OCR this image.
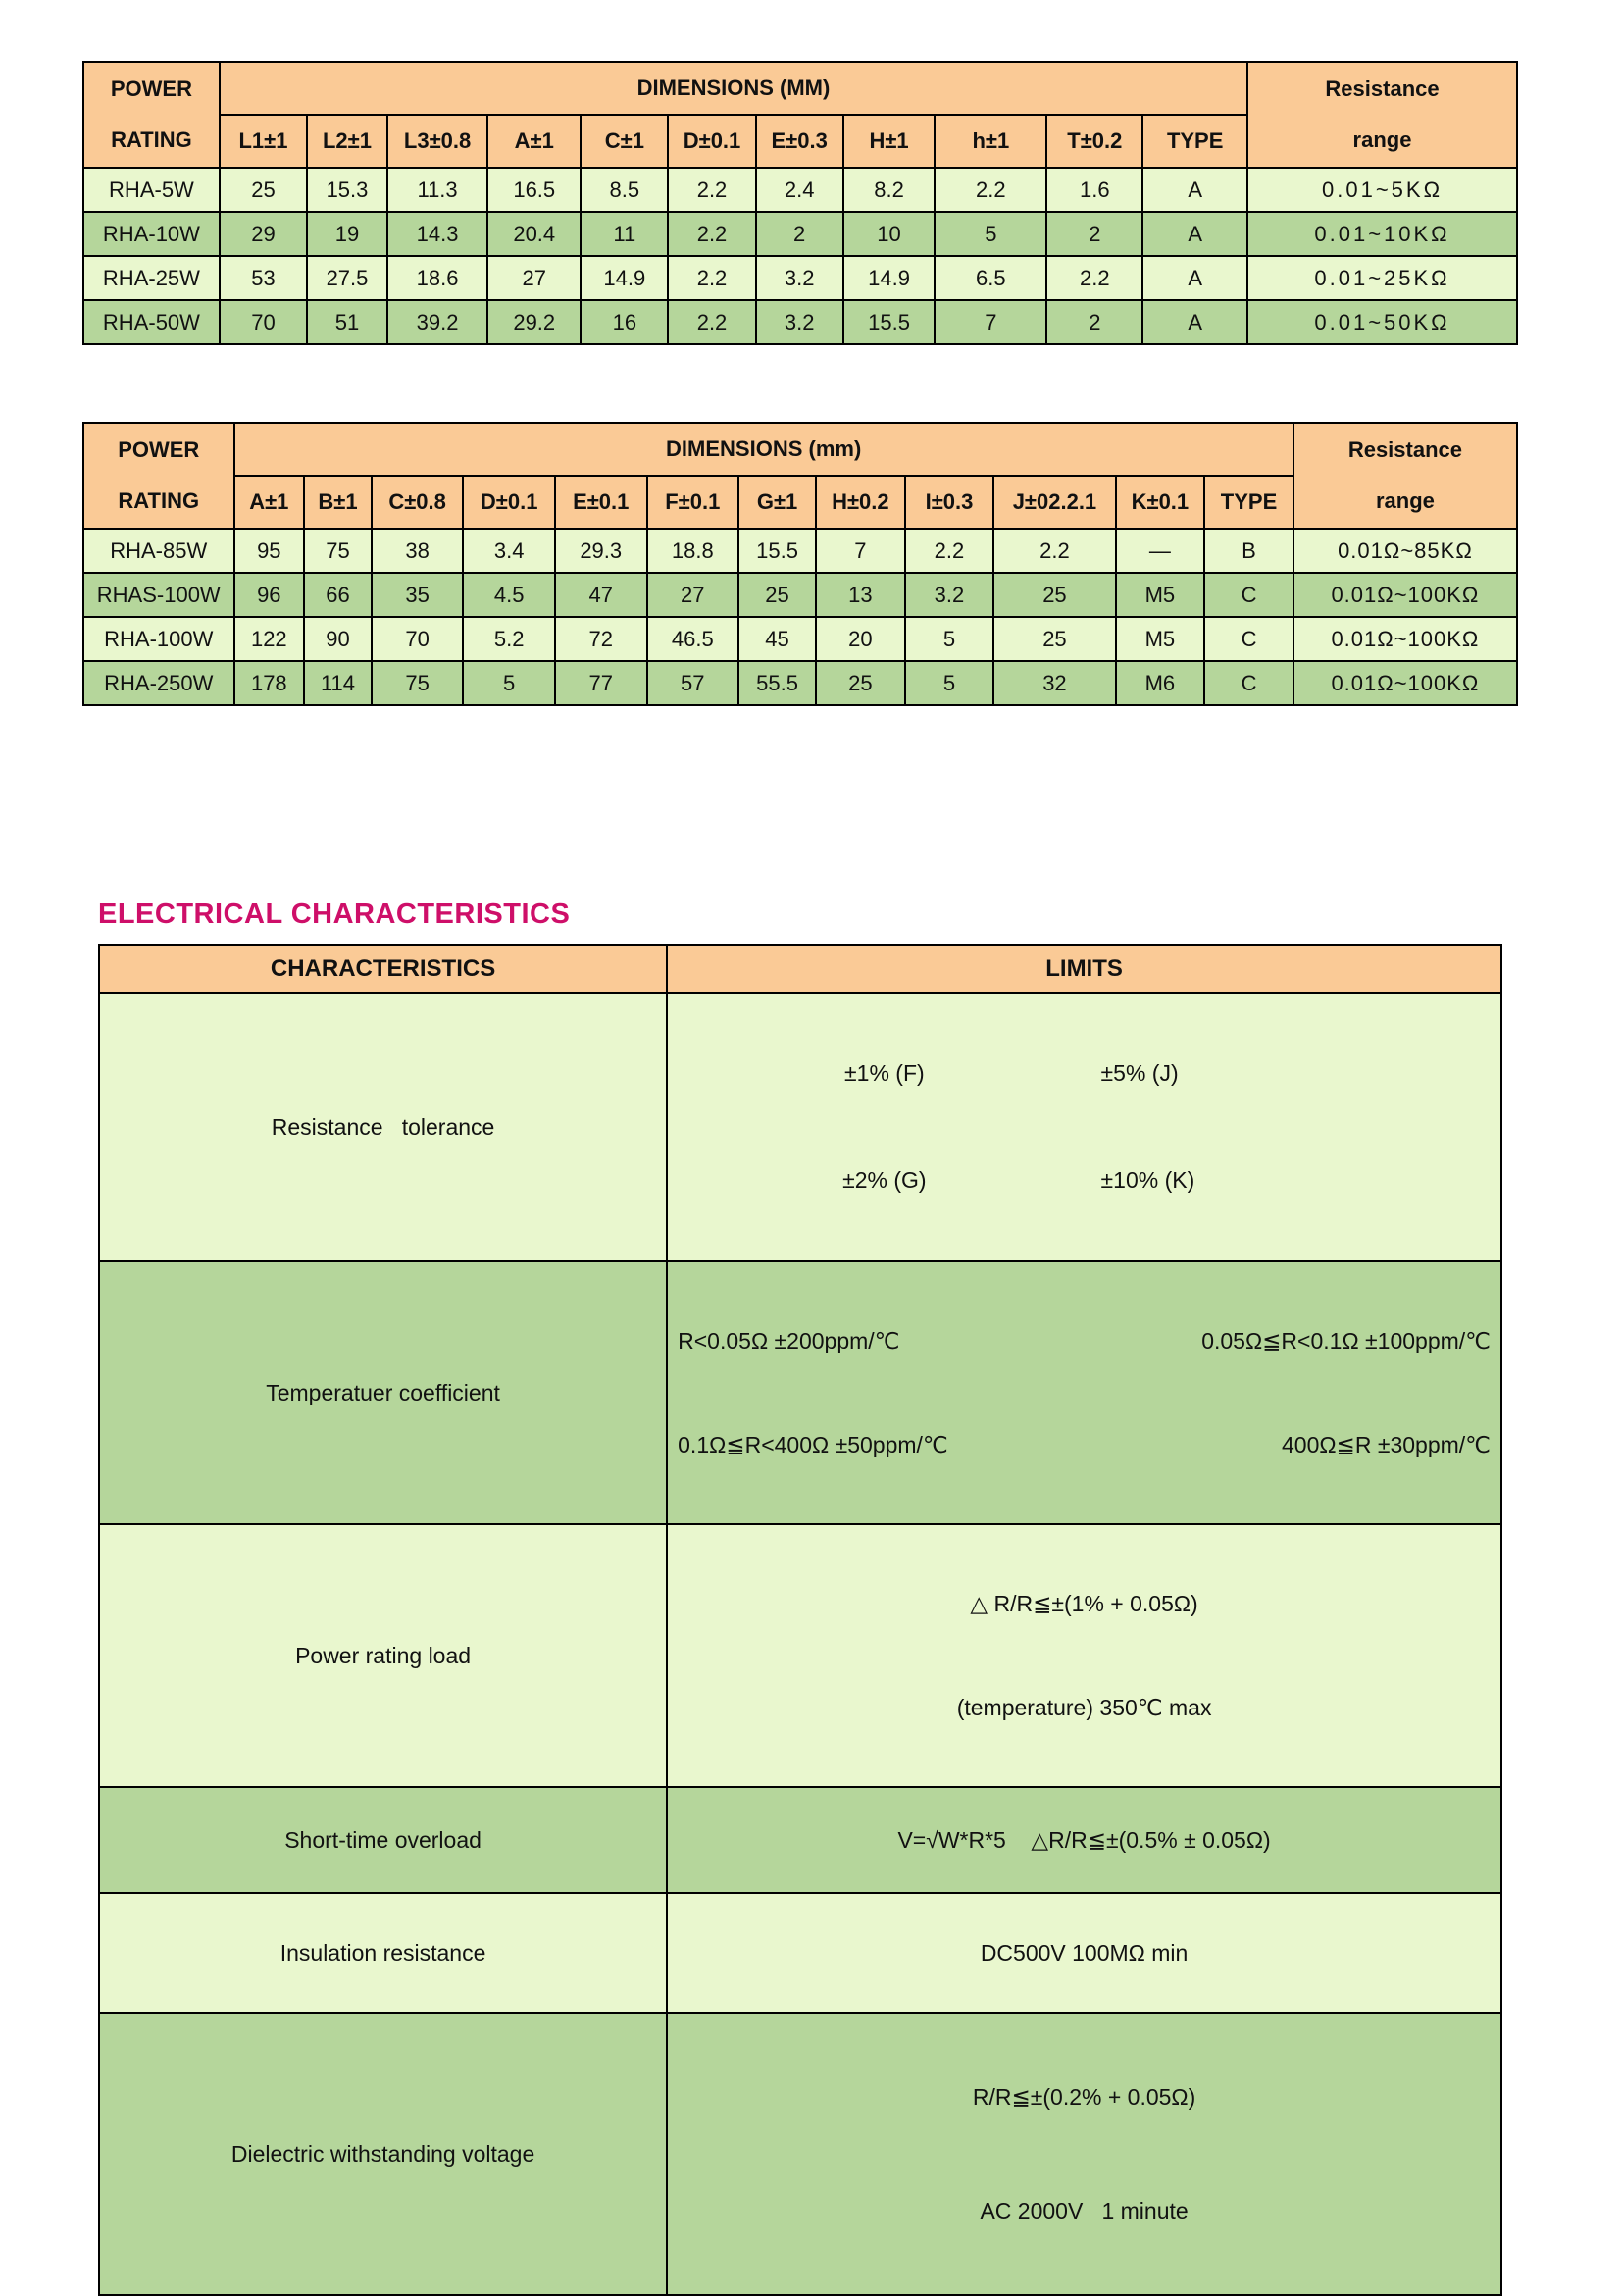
POWER
RATING
	DIMENSIONS (MM)	Resistance
range

	L1±1	L2±1	L3±0.8	A±1	C±1	D±0.1	E±0.3	H±1	h±1	T±0.2	TYPE	
RHA-5W	25	15.3	11.3	16.5	8.5	2.2	2.4	8.2	2.2	1.6	A	0.01~5KΩ
RHA-10W	29	19	14.3	20.4	11	2.2	2	10	5	2	A	0.01~10KΩ
RHA-25W	53	27.5	18.6	27	14.9	2.2	3.2	14.9	6.5	2.2	A	0.01~25KΩ
RHA-50W	70	51	39.2	29.2	16	2.2	3.2	15.5	7	2	A	0.01~50KΩ
POWER
RATING
	DIMENSIONS (mm)	Resistance
range

	A±1	B±1	C±0.8	D±0.1	E±0.1	F±0.1	G±1	H±0.2	I±0.3	J±02.2.1	K±0.1	TYPE	
RHA-85W	95	75	38	3.4	29.3	18.8	15.5	7	2.2	2.2	—	B	0.01Ω~85KΩ
RHAS-100W	96	66	35	4.5	47	27	25	13	3.2	25	M5	C	0.01Ω~100KΩ
RHA-100W	122	90	70	5.2	72	46.5	45	20	5	25	M5	C	0.01Ω~100KΩ
RHA-250W	178	114	75	5	77	57	55.5	25	5	32	M6	C	0.01Ω~100KΩ
ELECTRICAL CHARACTERISTICS
CHARACTERISTICS	LIMITS
Resistance   tolerance	±1% (F) ±5% (J)

±2% (G) ±10% (K)

Temperatuer coefficient	R<0.05Ω ±200ppm/℃ 0.05Ω≦R<0.1Ω ±100ppm/℃

0.1Ω≦R<400Ω ±50ppm/℃ 400Ω≦R ±30ppm/℃

Power rating load	△ R/R≦±(1% + 0.05Ω)

(temperature) 350℃ max

Short-time overload	V=√W*R*5    △R/R≦±(0.5% ± 0.05Ω)
Insulation resistance	DC500V 100MΩ min
Dielectric withstanding voltage	R/R≦±(0.2% + 0.05Ω)

AC 2000V   1 minute
